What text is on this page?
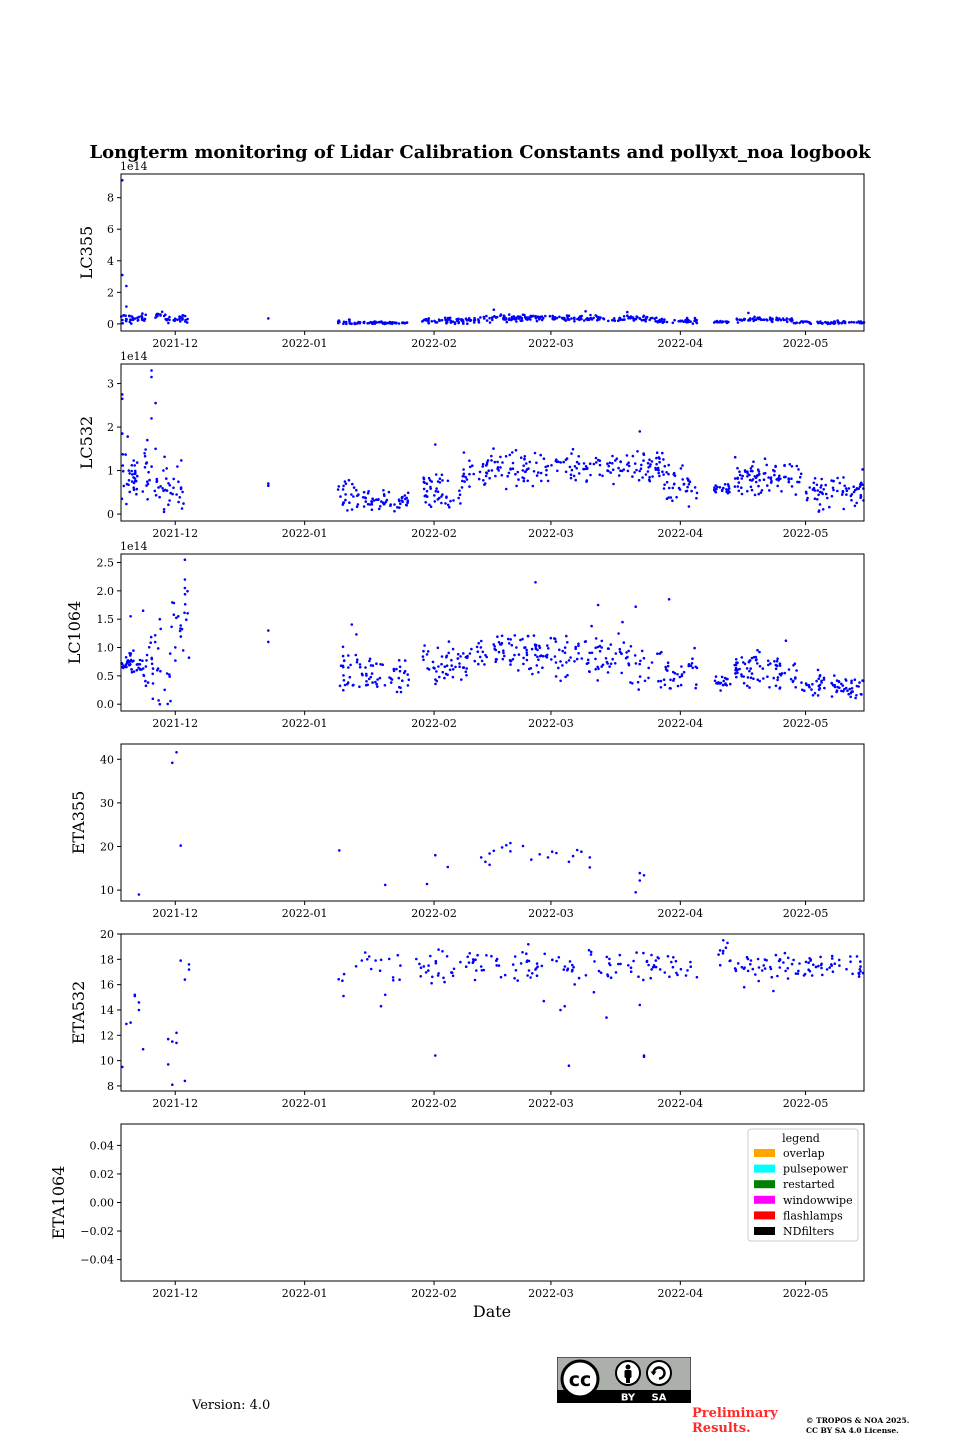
Longterm monitoring of Lidar Calibration Constants and pollyxt_noa logbook
2021-12	2022-01	2022-02	2022-03	2022-04	2022-05
0
2
4
6
8
1e14
LC355
2021-12	2022-01	2022-02	2022-03	2022-04	2022-05
0
1
2
3
1e14
LC532
2021-12	2022-01	2022-02	2022-03	2022-04	2022-05
0.0
0.5
1.0
1.5
2.0
2.5
1e14
LC1064
2021-12	2022-01	2022-02	2022-03	2022-04	2022-05
10
20
30
40
ETA355
2021-12	2022-01	2022-02	2022-03	2022-04	2022-05
8
10
12
14
16
18
20
ETA532
2021-12	2022-01	2022-02	2022-03	2022-04	2022-05
−0.04
−0.02
0.00
0.02
0.04
ETA1064
Date
legend
overlap
pulsepower
restarted
windowwipe
flashlamps
NDfilters
Version: 4.0
cc
BY SA
Preliminary
Results.
© TROPOS & NOA 2025.
CC BY SA 4.0 License.
